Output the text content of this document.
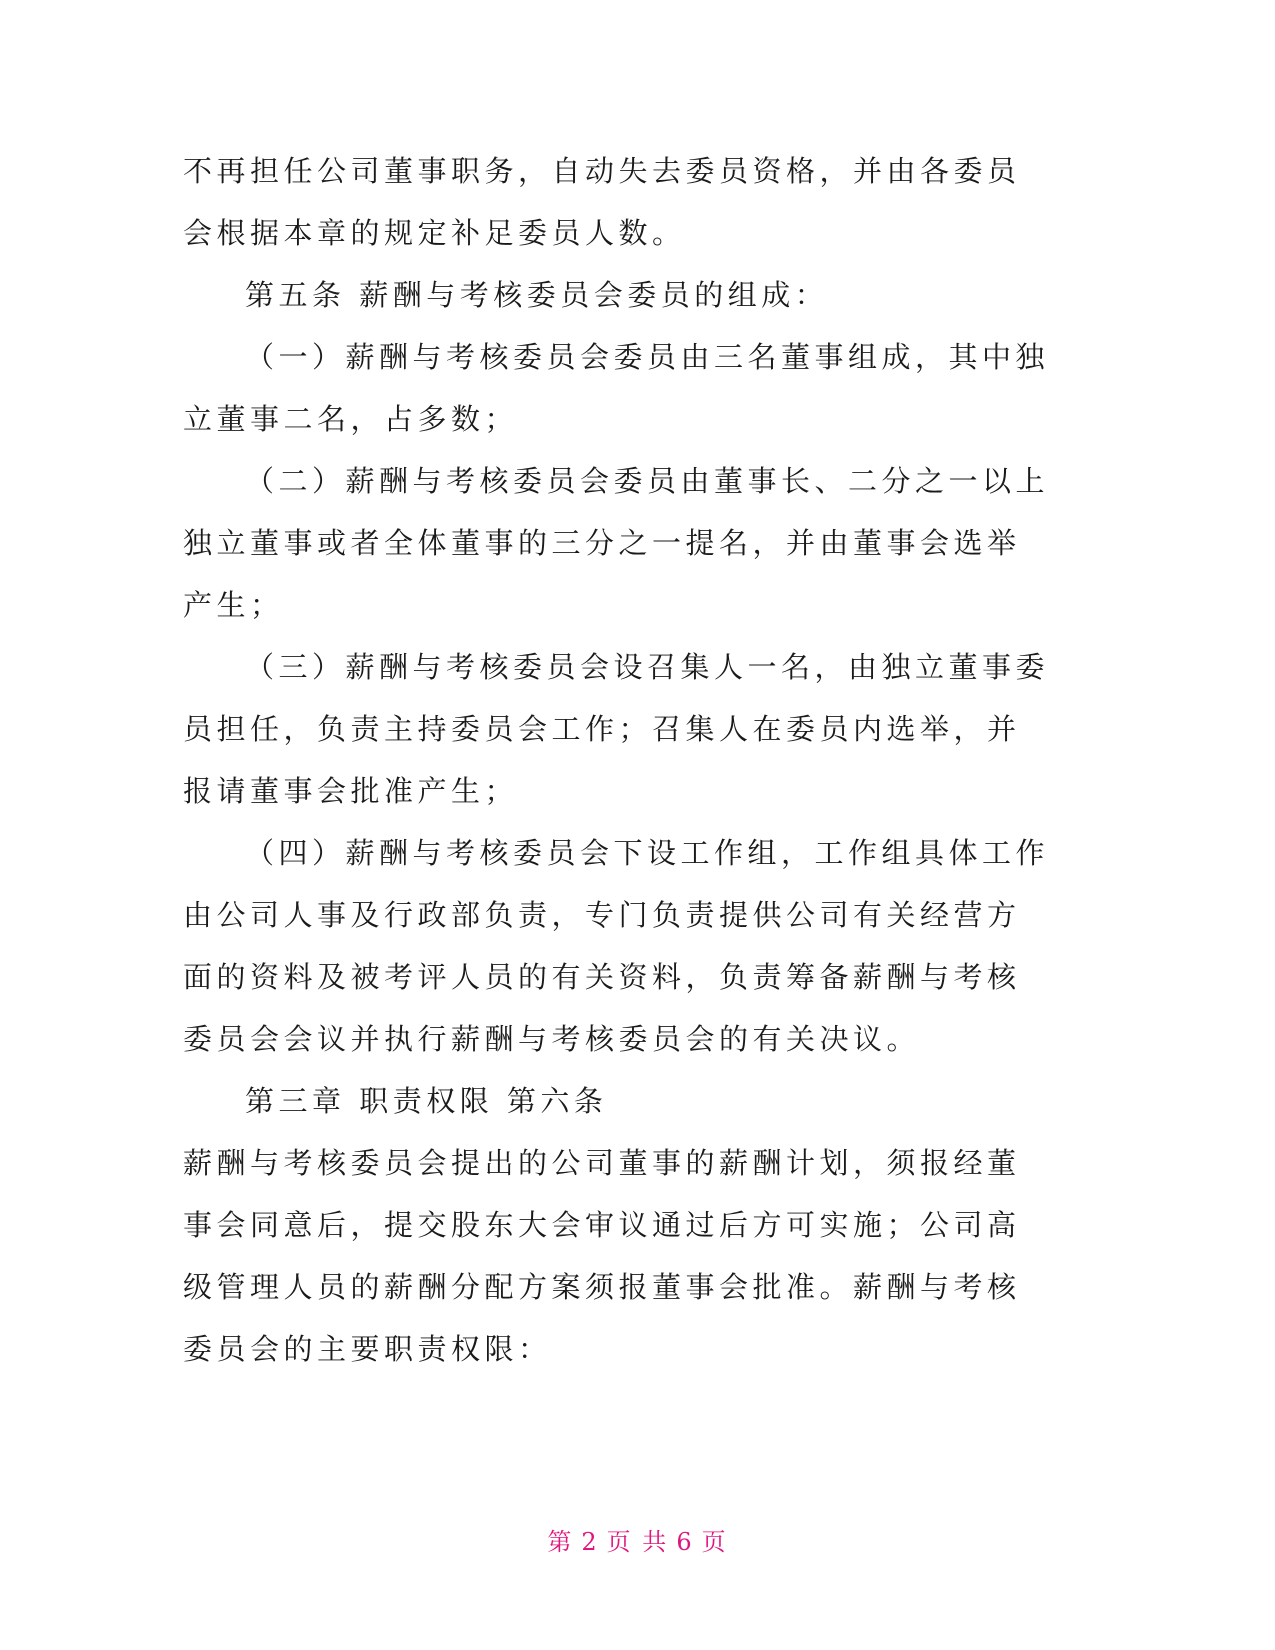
不再担任公司董事职务，自动失去委员资格，并由各委员会根据本章的规定补足委员人数。

第五条 薪酬与考核委员会委员的组成：

（一）薪酬与考核委员会委员由三名董事组成，其中独立董事二名，占多数；

（二）薪酬与考核委员会委员由董事长、二分之一以上独立董事或者全体董事的三分之一提名，并由董事会选举产生；

（三）薪酬与考核委员会设召集人一名，由独立董事委员担任，负责主持委员会工作；召集人在委员内选举，并报请董事会批准产生；

（四）薪酬与考核委员会下设工作组，工作组具体工作由公司人事及行政部负责，专门负责提供公司有关经营方面的资料及被考评人员的有关资料，负责筹备薪酬与考核委员会会议并执行薪酬与考核委员会的有关决议。

第三章 职责权限 第六条

薪酬与考核委员会提出的公司董事的薪酬计划，须报经董事会同意后，提交股东大会审议通过后方可实施；公司高级管理人员的薪酬分配方案须报董事会批准。薪酬与考核委员会的主要职责权限：

第 2 页 共 6 页
